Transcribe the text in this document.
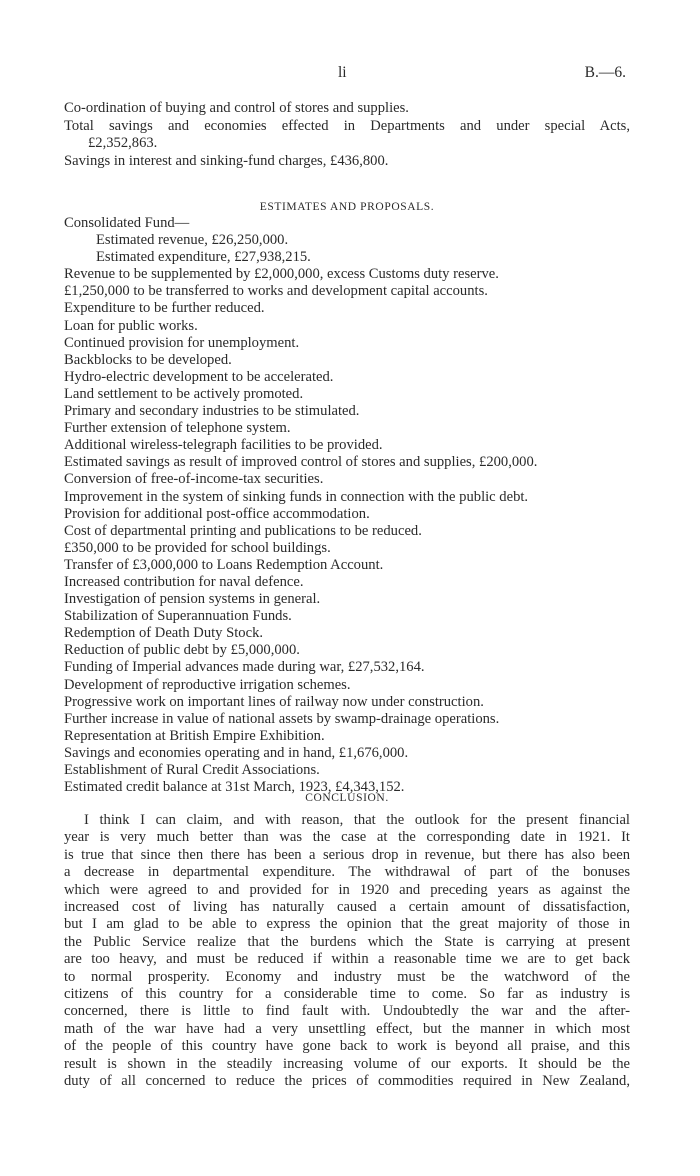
li	B.—6.
Co-ordination of buying and control of stores and supplies.
Total savings and economies effected in Departments and under special Acts,
£2,352,863.
Savings in interest and sinking-fund charges, £436,800.
ESTIMATES AND PROPOSALS.
Consolidated Fund—
Estimated revenue, £26,250,000.
Estimated expenditure, £27,938,215.
Revenue to be supplemented by £2,000,000, excess Customs duty reserve.
£1,250,000 to be transferred to works and development capital accounts.
Expenditure to be further reduced.
Loan for public works.
Continued provision for unemployment.
Backblocks to be developed.
Hydro-electric development to be accelerated.
Land settlement to be actively promoted.
Primary and secondary industries to be stimulated.
Further extension of telephone system.
Additional wireless-telegraph facilities to be provided.
Estimated savings as result of improved control of stores and supplies, £200,000.
Conversion of free-of-income-tax securities.
Improvement in the system of sinking funds in connection with the public debt.
Provision for additional post-office accommodation.
Cost of departmental printing and publications to be reduced.
£350,000 to be provided for school buildings.
Transfer of £3,000,000 to Loans Redemption Account.
Increased contribution for naval defence.
Investigation of pension systems in general.
Stabilization of Superannuation Funds.
Redemption of Death Duty Stock.
Reduction of public debt by £5,000,000.
Funding of Imperial advances made during war, £27,532,164.
Development of reproductive irrigation schemes.
Progressive work on important lines of railway now under construction.
Further increase in value of national assets by swamp-drainage operations.
Representation at British Empire Exhibition.
Savings and economies operating and in hand, £1,676,000.
Establishment of Rural Credit Associations.
Estimated credit balance at 31st March, 1923, £4,343,152.
CONCLUSION.
I think I can claim, and with reason, that the outlook for the present financial
year is very much better than was the case at the corresponding date in 1921. It
is true that since then there has been a serious drop in revenue, but there has also been
a decrease in departmental expenditure. The withdrawal of part of the bonuses
which were agreed to and provided for in 1920 and preceding years as against the
increased cost of living has naturally caused a certain amount of dissatisfaction,
but I am glad to be able to express the opinion that the great majority of those in
the Public Service realize that the burdens which the State is carrying at present
are too heavy, and must be reduced if within a reasonable time we are to get back
to normal prosperity. Economy and industry must be the watchword of the
citizens of this country for a considerable time to come. So far as industry is
concerned, there is little to find fault with. Undoubtedly the war and the after-
math of the war have had a very unsettling effect, but the manner in which most
of the people of this country have gone back to work is beyond all praise, and this
result is shown in the steadily increasing volume of our exports. It should be the
duty of all concerned to reduce the prices of commodities required in New Zealand,
